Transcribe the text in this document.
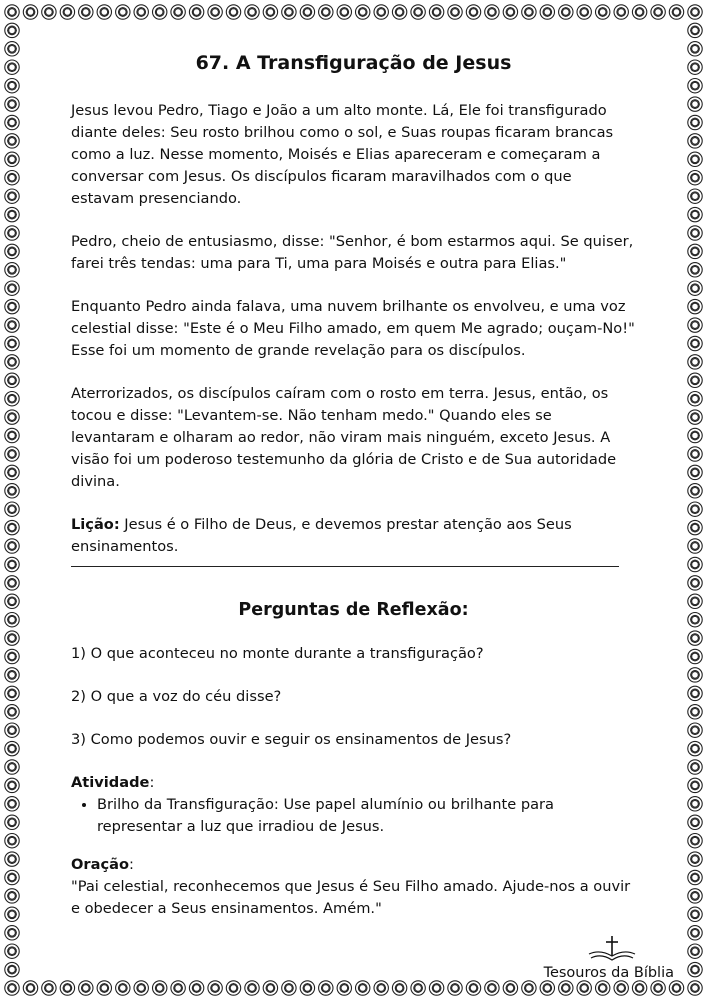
67. A Transfiguração de Jesus

Jesus levou Pedro, Tiago e João a um alto monte. Lá, Ele foi transfigurado diante deles: Seu rosto brilhou como o sol, e Suas roupas ficaram brancas como a luz. Nesse momento, Moisés e Elias apareceram e começaram a conversar com Jesus. Os discípulos ficaram maravilhados com o que estavam presenciando.

Pedro, cheio de entusiasmo, disse: "Senhor, é bom estarmos aqui. Se quiser, farei três tendas: uma para Ti, uma para Moisés e outra para Elias."

Enquanto Pedro ainda falava, uma nuvem brilhante os envolveu, e uma voz celestial disse: "Este é o Meu Filho amado, em quem Me agrado; ouçam-No!" Esse foi um momento de grande revelação para os discípulos.

Aterrorizados, os discípulos caíram com o rosto em terra. Jesus, então, os tocou e disse: "Levantem-se. Não tenham medo." Quando eles se levantaram e olharam ao redor, não viram mais ninguém, exceto Jesus. A visão foi um poderoso testemunho da glória de Cristo e de Sua autoridade divina.

Lição: Jesus é o Filho de Deus, e devemos prestar atenção aos Seus ensinamentos.

Perguntas de Reflexão:

1) O que aconteceu no monte durante a transfiguração?

2) O que a voz do céu disse?

3) Como podemos ouvir e seguir os ensinamentos de Jesus?

Atividade:
• Brilho da Transfiguração: Use papel alumínio ou brilhante para representar a luz que irradiou de Jesus.
Oração:
"Pai celestial, reconhecemos que Jesus é Seu Filho amado. Ajude-nos a ouvir e obedecer a Seus ensinamentos. Amém."
Tesouros da Bíblia
